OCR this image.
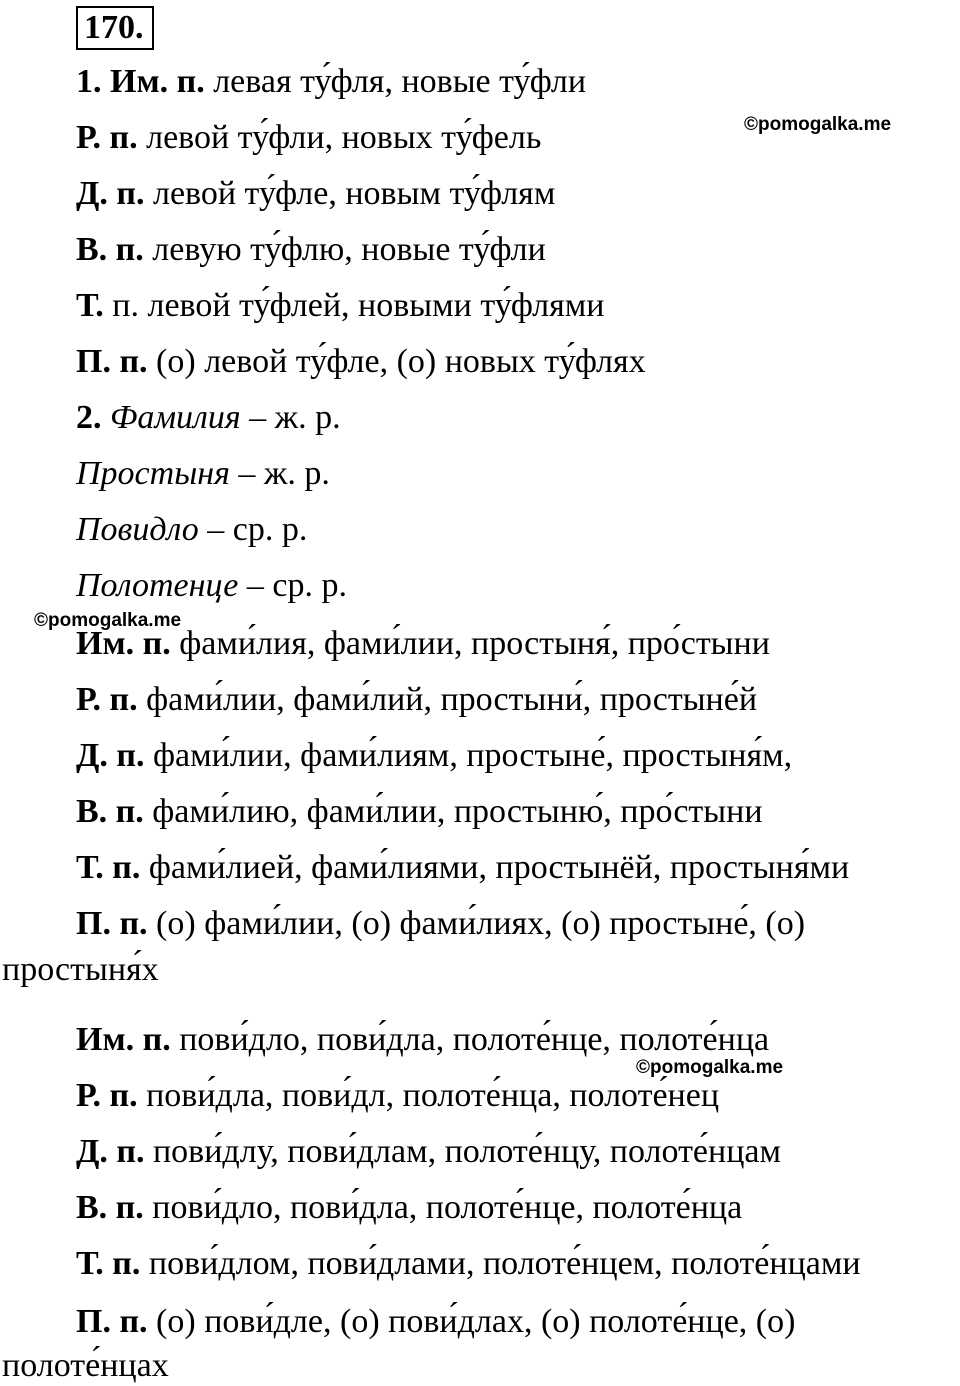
170.
1. Им. п. левая ту́фля, новые ту́фли
Р. п. левой ту́фли, новых ту́фель
Д. п. левой ту́фле, новым ту́флям
В. п. левую ту́флю, новые ту́фли
Т. п. левой ту́флей, новыми ту́флями
П. п. (о) левой ту́фле, (о) новых ту́флях
2. Фамилия – ж. р.
Простыня – ж. р.
Повидло – ср. р.
Полотенце – ср. р.
Им. п. фами́лия, фами́лии, простыня́, про́стыни
Р. п. фами́лии, фами́лий, простыни́, простыне́й
Д. п. фами́лии, фами́лиям, простыне́, простыня́м,
В. п. фами́лию, фами́лии, простыню́, про́стыни
Т. п. фами́лией, фами́лиями, простынёй, простыня́ми
П. п. (о) фами́лии, (о) фами́лиях, (о) простыне́, (о)
простыня́х
Им. п. пови́дло, пови́дла, полоте́нце, полоте́нца
Р. п. пови́дла, пови́дл, полоте́нца, полоте́нец
Д. п. пови́длу, пови́длам, полоте́нцу, полоте́нцам
В. п. пови́дло, пови́дла, полоте́нце, полоте́нца
Т. п. пови́длом, пови́длами, полоте́нцем, полоте́нцами
П. п. (о) пови́дле, (о) пови́длах, (о) полоте́нце, (о)
полоте́нцах
©pomogalka.me
©pomogalka.me
©pomogalka.me
